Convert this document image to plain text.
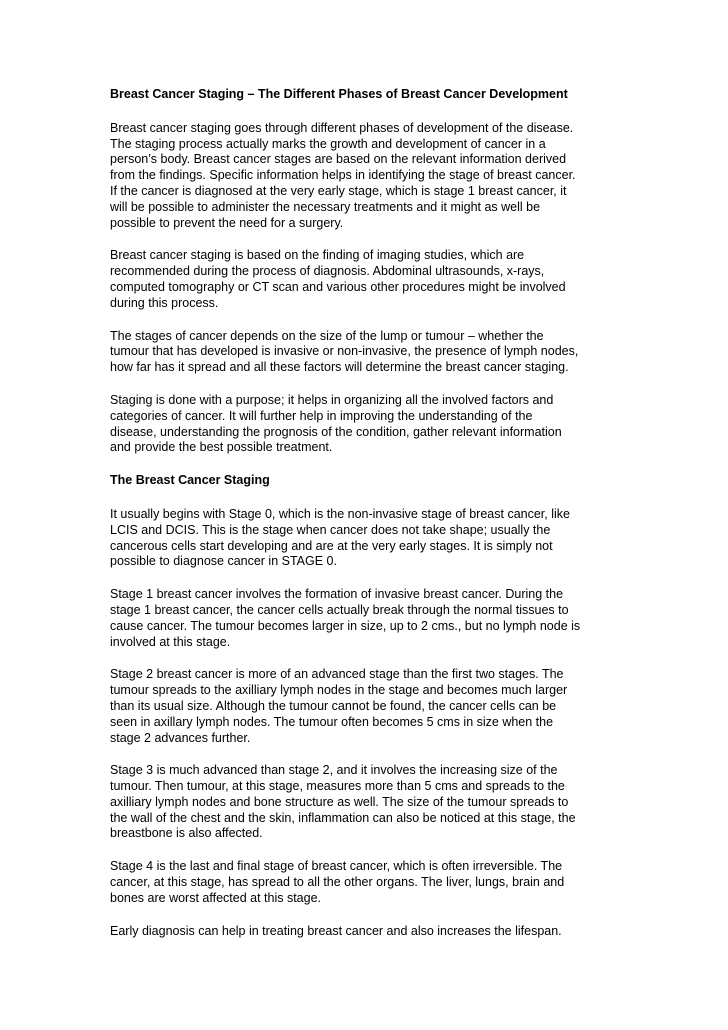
Breast Cancer Staging – The Different Phases of Breast Cancer Development

Breast cancer staging goes through different phases of development of the disease.
The staging process actually marks the growth and development of cancer in a
person’s body. Breast cancer stages are based on the relevant information derived
from the findings. Specific information helps in identifying the stage of breast cancer.
If the cancer is diagnosed at the very early stage, which is stage 1 breast cancer, it
will be possible to administer the necessary treatments and it might as well be
possible to prevent the need for a surgery.

Breast cancer staging is based on the finding of imaging studies, which are
recommended during the process of diagnosis. Abdominal ultrasounds, x-rays,
computed tomography or CT scan and various other procedures might be involved
during this process.

The stages of cancer depends on the size of the lump or tumour – whether the
tumour that has developed is invasive or non-invasive, the presence of lymph nodes,
how far has it spread and all these factors will determine the breast cancer staging.

Staging is done with a purpose; it helps in organizing all the involved factors and
categories of cancer. It will further help in improving the understanding of the
disease, understanding the prognosis of the condition, gather relevant information
and provide the best possible treatment.

The Breast Cancer Staging

It usually begins with Stage 0, which is the non-invasive stage of breast cancer, like
LCIS and DCIS. This is the stage when cancer does not take shape; usually the
cancerous cells start developing and are at the very early stages. It is simply not
possible to diagnose cancer in STAGE 0.

Stage 1 breast cancer involves the formation of invasive breast cancer. During the
stage 1 breast cancer, the cancer cells actually break through the normal tissues to
cause cancer. The tumour becomes larger in size, up to 2 cms., but no lymph node is
involved at this stage.

Stage 2 breast cancer is more of an advanced stage than the first two stages. The
tumour spreads to the axilliary lymph nodes in the stage and becomes much larger
than its usual size. Although the tumour cannot be found, the cancer cells can be
seen in axillary lymph nodes. The tumour often becomes 5 cms in size when the
stage 2 advances further.

Stage 3 is much advanced than stage 2, and it involves the increasing size of the
tumour. Then tumour, at this stage, measures more than 5 cms and spreads to the
axilliary lymph nodes and bone structure as well. The size of the tumour spreads to
the wall of the chest and the skin, inflammation can also be noticed at this stage, the
breastbone is also affected.

Stage 4 is the last and final stage of breast cancer, which is often irreversible. The
cancer, at this stage, has spread to all the other organs. The liver, lungs, brain and
bones are worst affected at this stage.

Early diagnosis can help in treating breast cancer and also increases the lifespan.
